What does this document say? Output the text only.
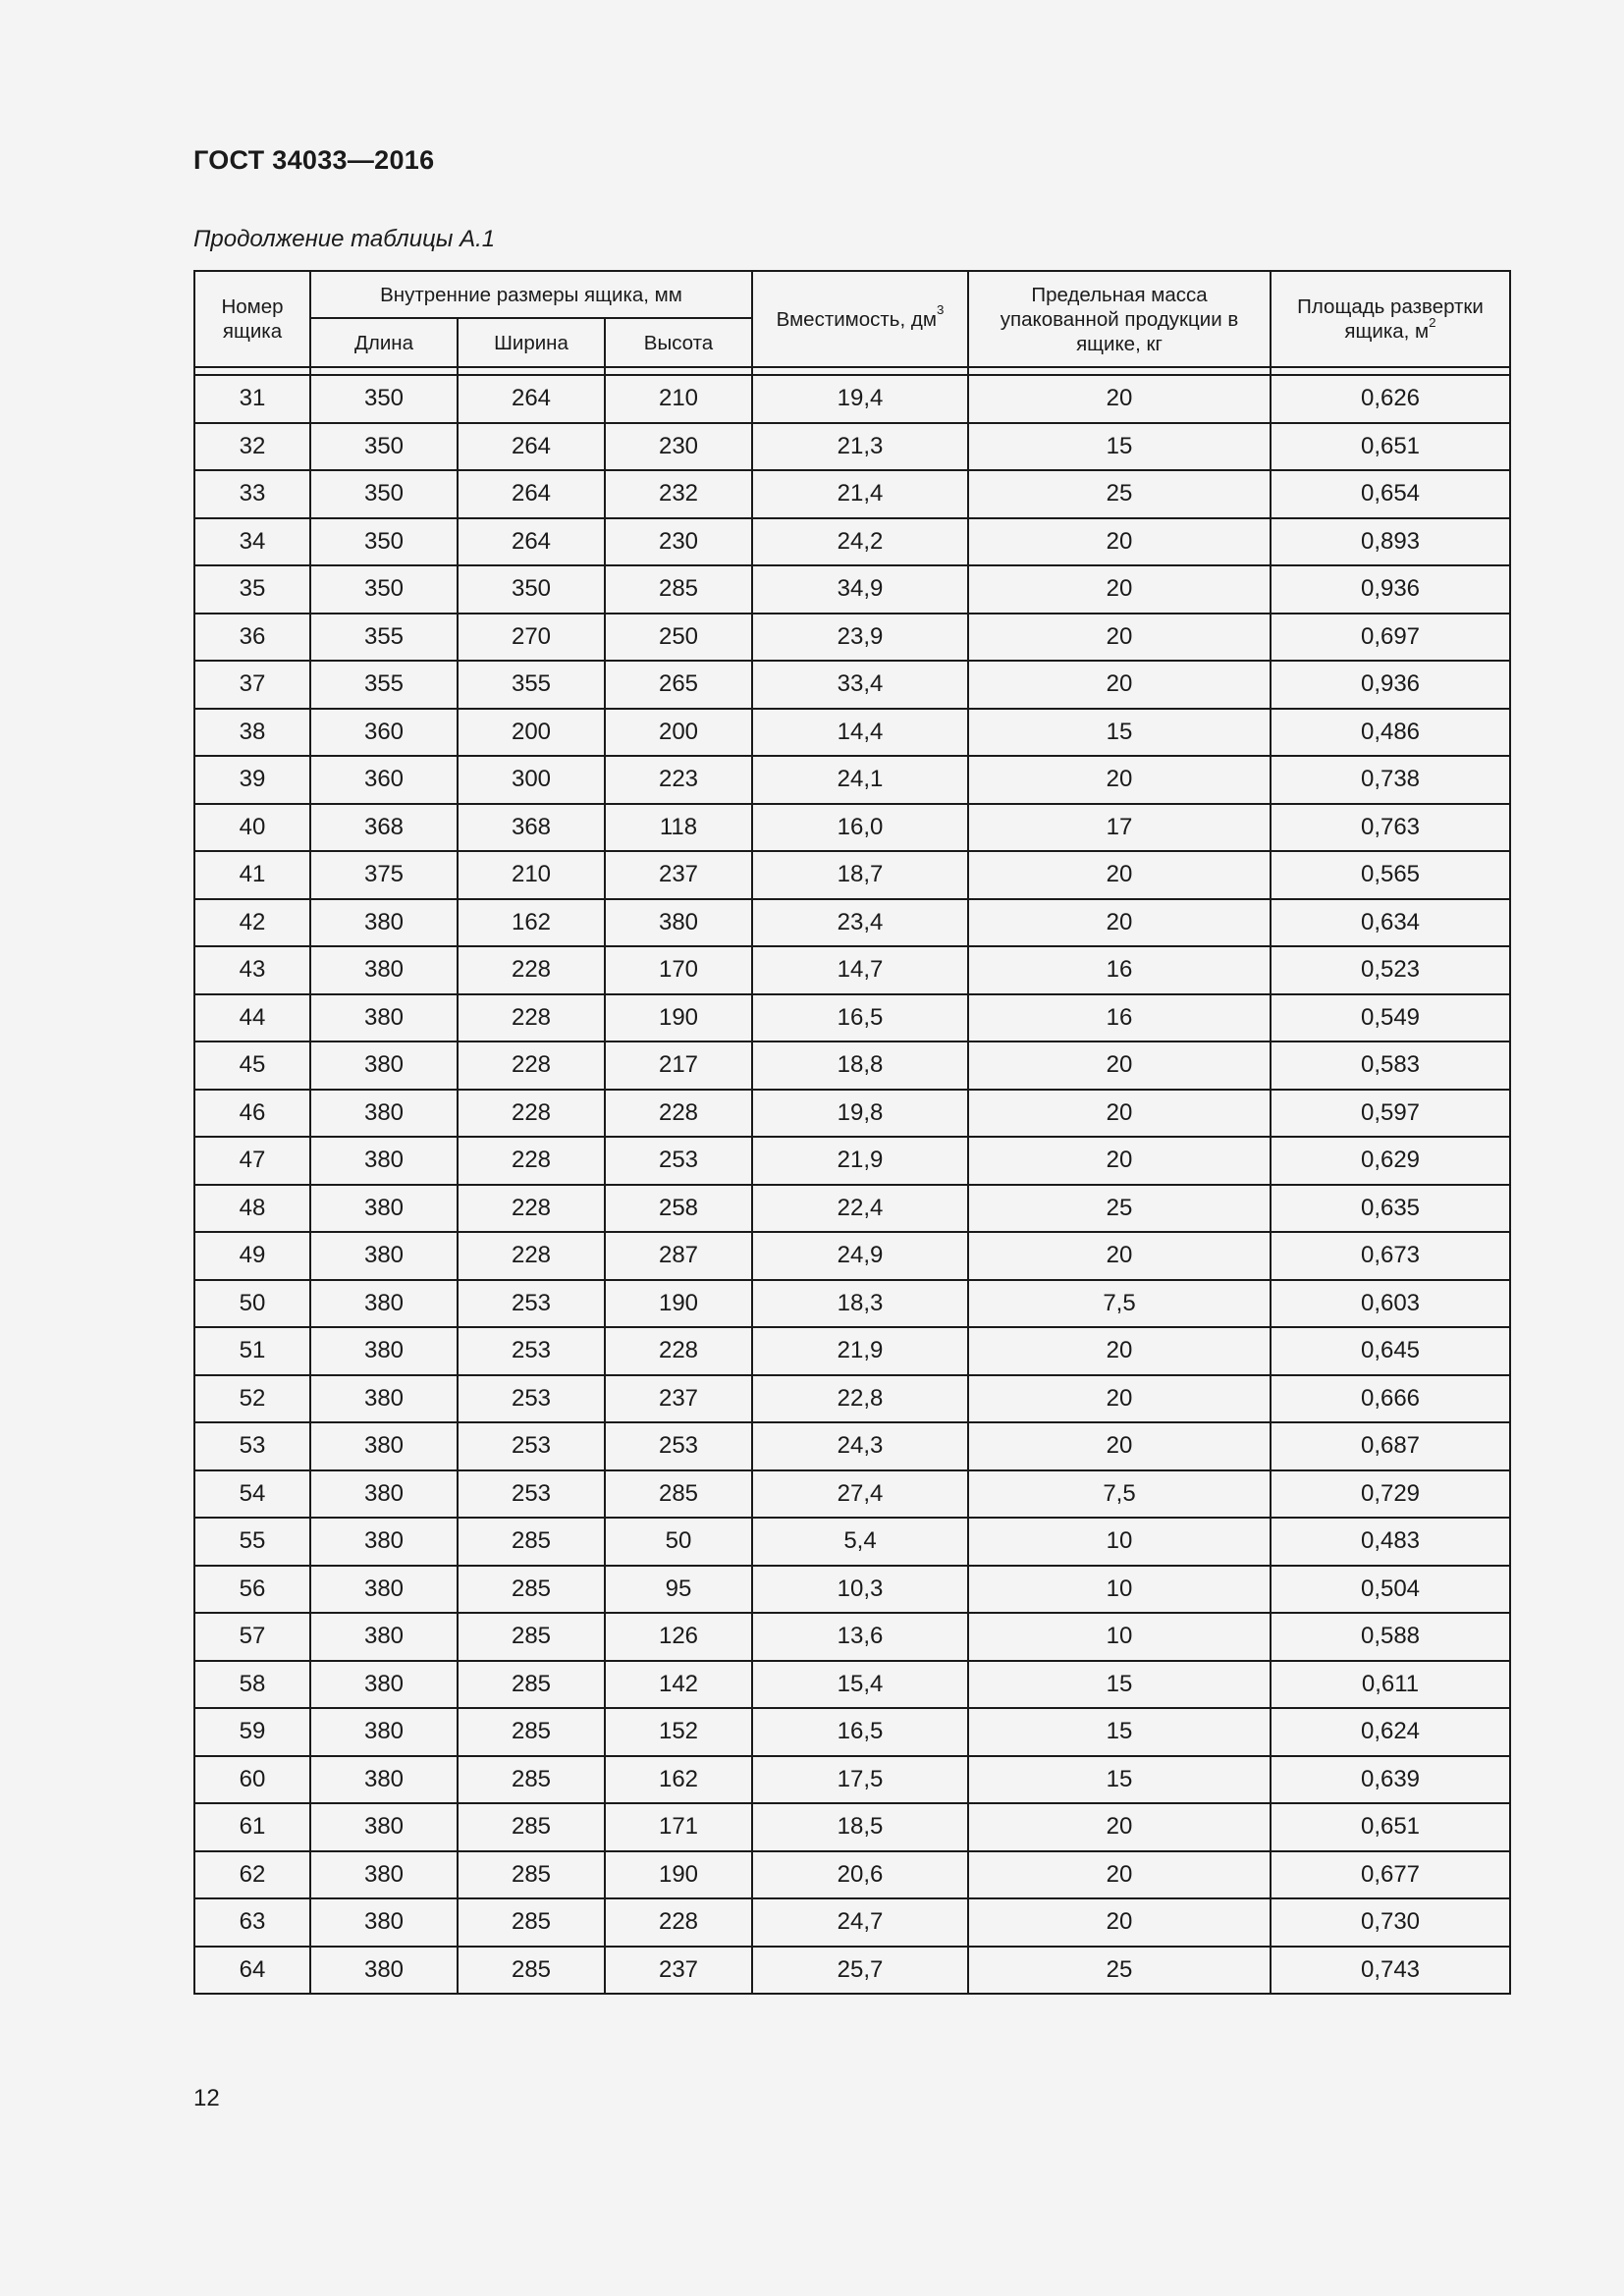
ГОСТ 34033—2016
Продолжение таблицы А.1
Номер ящика	Внутренние размеры ящика, мм			Вместимость, $дм^3$	Предельная масса упакованной продукции в ящике, кг	Площадь развертки ящика, $м^2$
	Длина	Ширина	Высота			

31	350	264	210	19,4	20	0,626
32	350	264	230	21,3	15	0,651
33	350	264	232	21,4	25	0,654
34	350	264	230	24,2	20	0,893
35	350	350	285	34,9	20	0,936
36	355	270	250	23,9	20	0,697
37	355	355	265	33,4	20	0,936
38	360	200	200	14,4	15	0,486
39	360	300	223	24,1	20	0,738
40	368	368	118	16,0	17	0,763
41	375	210	237	18,7	20	0,565
42	380	162	380	23,4	20	0,634
43	380	228	170	14,7	16	0,523
44	380	228	190	16,5	16	0,549
45	380	228	217	18,8	20	0,583
46	380	228	228	19,8	20	0,597
47	380	228	253	21,9	20	0,629
48	380	228	258	22,4	25	0,635
49	380	228	287	24,9	20	0,673
50	380	253	190	18,3	7,5	0,603
51	380	253	228	21,9	20	0,645
52	380	253	237	22,8	20	0,666
53	380	253	253	24,3	20	0,687
54	380	253	285	27,4	7,5	0,729
55	380	285	50	5,4	10	0,483
56	380	285	95	10,3	10	0,504
57	380	285	126	13,6	10	0,588
58	380	285	142	15,4	15	0,611
59	380	285	152	16,5	15	0,624
60	380	285	162	17,5	15	0,639
61	380	285	171	18,5	20	0,651
62	380	285	190	20,6	20	0,677
63	380	285	228	24,7	20	0,730
64	380	285	237	25,7	25	0,743
12
